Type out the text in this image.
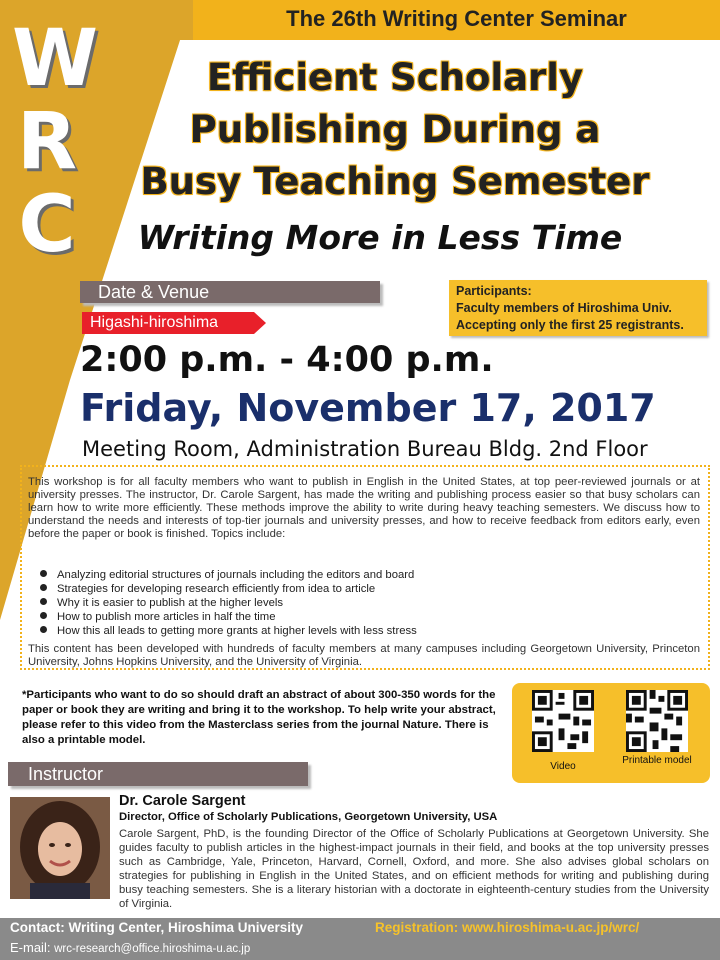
W
R
C
The 26th Writing Center Seminar
Efficient Scholarly
Publishing During a
Busy Teaching Semester
Writing More in Less Time
Date & Venue
Higashi-hiroshima
Participants:
Faculty members of Hiroshima Univ.
Accepting only the first 25 registrants.
2:00 p.m. - 4:00 p.m.
Friday, November 17, 2017
Meeting Room, Administration Bureau Bldg. 2nd Floor
This workshop is for all faculty members who want to publish in English in the United States, at top peer-reviewed journals or at university presses. The instructor, Dr. Carole Sargent, has made the writing and publishing process easier so that busy scholars can learn how to write more efficiently. These methods improve the ability to write during heavy teaching semesters. We discuss how to understand the needs and interests of top-tier journals and university presses, and how to receive feedback from editors early, even before the paper or book is finished. Topics include:
Analyzing editorial structures of journals including the editors and board
Strategies for developing research efficiently from idea to article
Why it is easier to publish at the higher levels
How to publish more articles in half the time
How this all leads to getting more grants at higher levels with less stress
This content has been developed with hundreds of faculty members at many campuses including Georgetown University, Princeton University, Johns Hopkins University, and the University of Virginia.
*Participants who want to do so should draft an abstract of about 300-350 words for the paper or book they are writing and bring it to the workshop. To help write your abstract, please refer to this video from the Masterclass series from the journal Nature. There is also a printable model.
Video
Printable model
Instructor
Dr. Carole Sargent
Director, Office of Scholarly Publications, Georgetown University, USA
Carole Sargent, PhD, is the founding Director of the Office of Scholarly Publications at Georgetown University. She guides faculty to publish articles in the highest-impact journals in their field, and books at the top university presses such as Cambridge, Yale, Princeton, Harvard, Cornell, Oxford, and more. She also advises global scholars on strategies for publishing in English in the United States, and on efficient methods for writing and publishing during busy teaching semesters. She is a literary historian with a doctorate in eighteenth-century studies from the University of Virginia.
Contact: Writing Center, Hiroshima University	Registration: www.hiroshima-u.ac.jp/wrc/
E-mail: wrc-research@office.hiroshima-u.ac.jp
